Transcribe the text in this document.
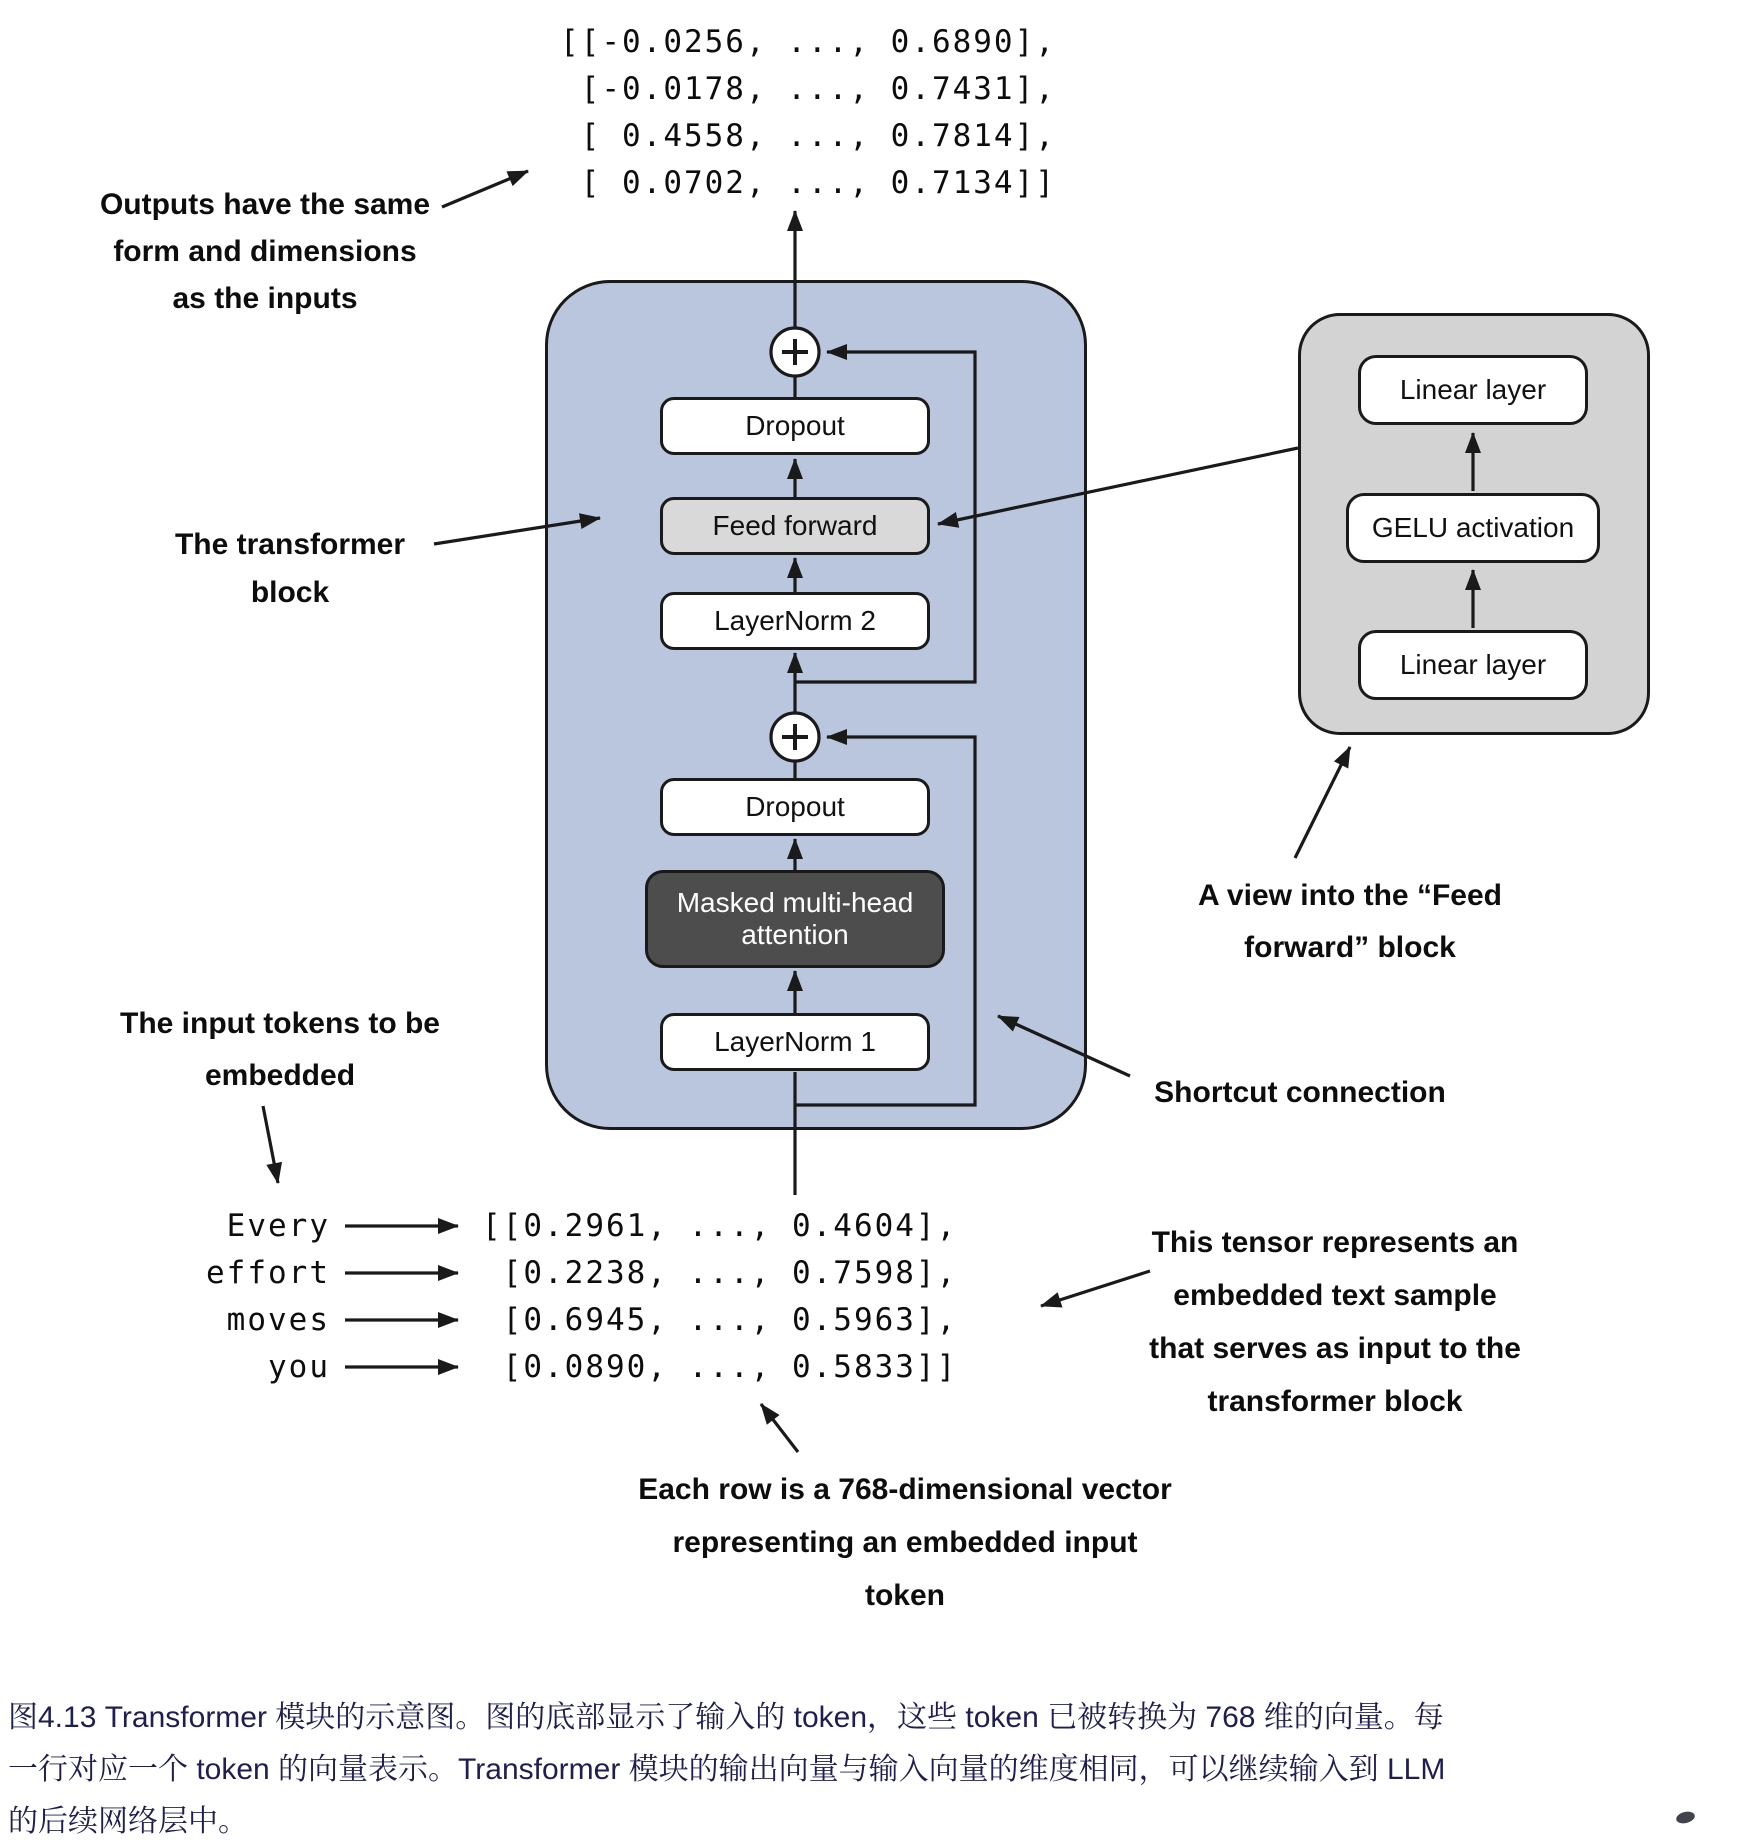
Dropout
Feed forward
LayerNorm 2
Dropout
Masked multi-head attention
LayerNorm 1
Linear layer
GELU activation
Linear layer
[[-0.0256, ..., 0.6890],
[-0.0178, ..., 0.7431],
[ 0.4558, ..., 0.7814],
[ 0.0702, ..., 0.7134]]
Every
effort
moves
you
[[0.2961, ..., 0.4604],
[0.2238, ..., 0.7598],
[0.6945, ..., 0.5963],
[0.0890, ..., 0.5833]]
Outputs have the same
form and dimensions
as the inputs
The transformer
block
A view into the “Feed
forward” block
Shortcut connection
The input tokens to be
embedded
This tensor represents an
embedded text sample
that serves as input to the
transformer block
Each row is a 768-dimensional vector
representing an embedded input
token
图4.13 Transformer 模块的示意图。图的底部显示了输入的 token，这些 token 已被转换为 768 维的向量。每
一行对应一个 token 的向量表示。Transformer 模块的输出向量与输入向量的维度相同，可以继续输入到 LLM
的后续网络层中。
